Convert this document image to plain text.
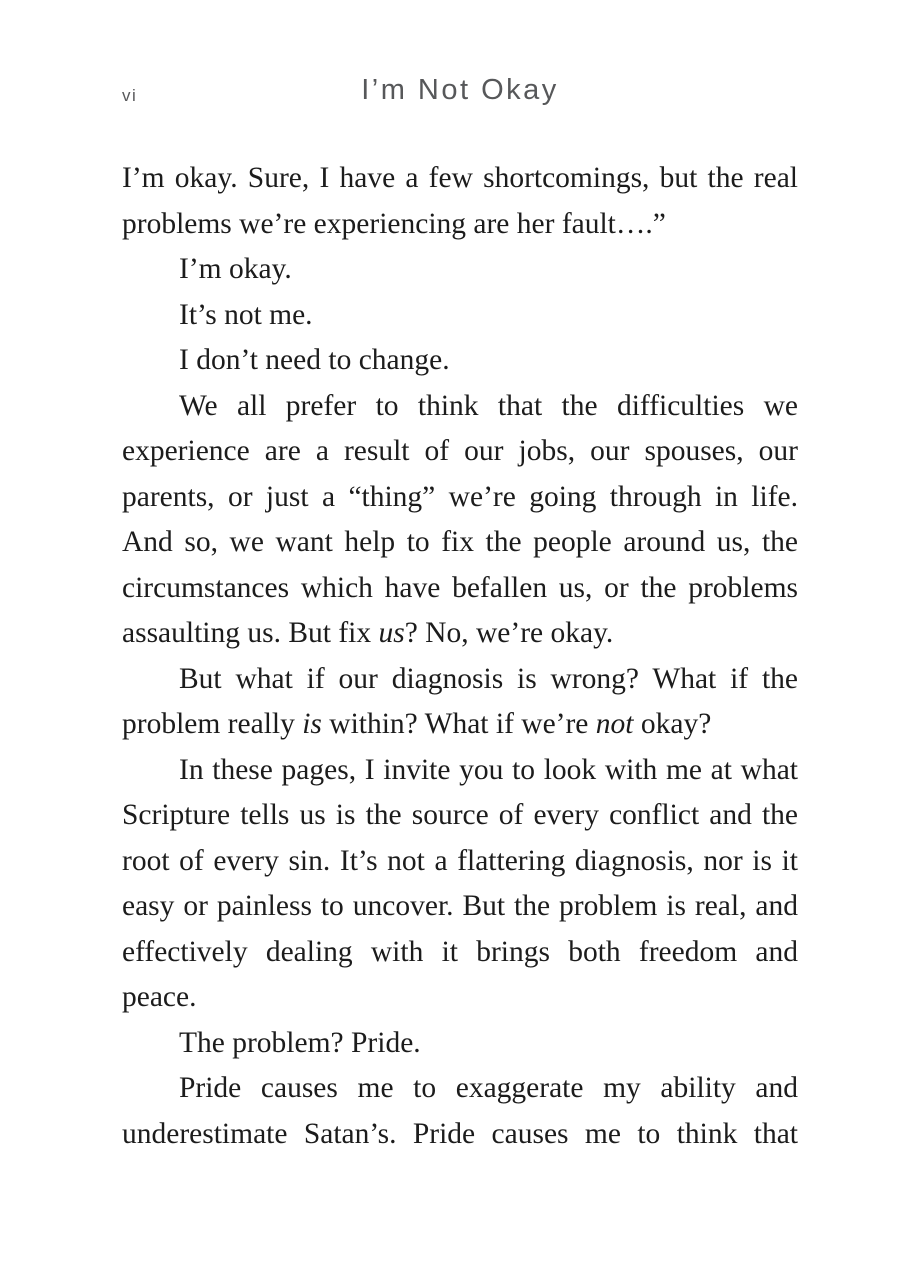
vi	I’m Not Okay

I’m okay. Sure, I have a few shortcomings, but the real problems we’re experiencing are her fault….”

I’m okay.

It’s not me.

I don’t need to change.

We all prefer to think that the difficulties we experience are a result of our jobs, our spouses, our parents, or just a “thing” we’re going through in life. And so, we want help to fix the people around us, the circumstances which have befallen us, or the problems assaulting us. But fix us? No, we’re okay.

But what if our diagnosis is wrong? What if the problem really is within? What if we’re not okay?

In these pages, I invite you to look with me at what Scripture tells us is the source of every conflict and the root of every sin. It’s not a flattering diagnosis, nor is it easy or painless to uncover. But the problem is real, and effectively dealing with it brings both freedom and peace.

The problem? Pride.

Pride causes me to exaggerate my ability and underestimate Satan’s. Pride causes me to think that
